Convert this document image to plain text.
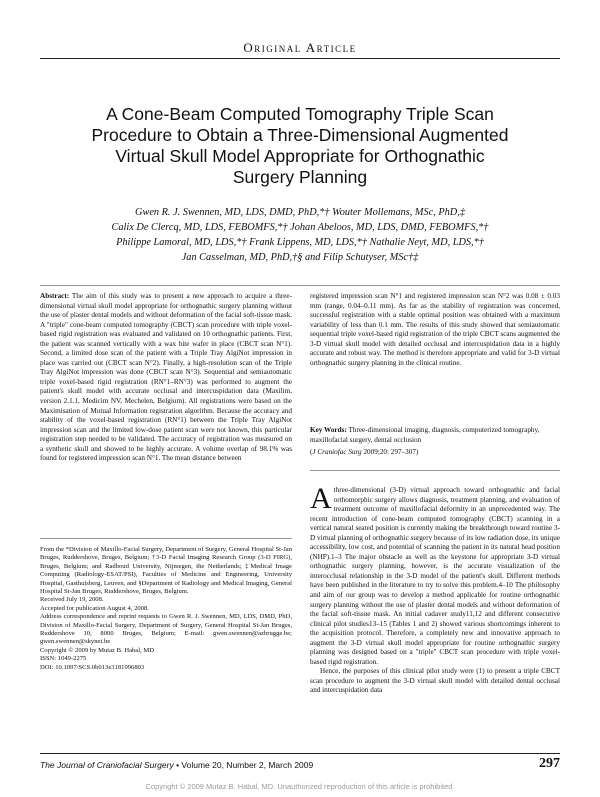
Original Article
A Cone-Beam Computed Tomography Triple Scan
Procedure to Obtain a Three-Dimensional Augmented
Virtual Skull Model Appropriate for Orthognathic
Surgery Planning
Gwen R. J. Swennen, MD, LDS, DMD, PhD,*† Wouter Mollemans, MSc, PhD,‡
Calix De Clercq, MD, LDS, FEBOMFS,*† Johan Abeloos, MD, LDS, DMD, FEBOMFS,*†
Philippe Lamoral, MD, LDS,*† Frank Lippens, MD, LDS,*† Nathalie Neyt, MD, LDS,*†
Jan Casselman, MD, PhD,†§ and Filip Schutyser, MSc†‡
Abstract: The aim of this study was to present a new approach to acquire a three-dimensional virtual skull model appropriate for orthognathic surgery planning without the use of plaster dental models and without deformation of the facial soft-tissue mask. A "triple" cone-beam computed tomography (CBCT) scan procedure with triple voxel-based rigid registration was evaluated and validated on 10 orthognathic patients. First, the patient was scanned vertically with a wax bite wafer in place (CBCT scan N°1). Second, a limited dose scan of the patient with a Triple Tray AlgiNot impression in place was carried out (CBCT scan N°2). Finally, a high-resolution scan of the Triple Tray AlgiNot impression was done (CBCT scan N°3). Sequential and semiautomatic triple voxel-based rigid registration (RN°1–RN°3) was performed to augment the patient's skull model with accurate occlusal and intercuspidation data (Maxilim, version 2.1.1, Medicim NV, Mechelen, Belgium). All registrations were based on the Maximisation of Mutual Information registration algorithm. Because the accuracy and stability of the voxel-based registration (RN°1) between the Triple Tray AlgiNot impression scan and the limited low-dose patient scan were not known, this particular registration step needed to be validated. The accuracy of registration was measured on a synthetic skull and showed to be highly accurate. A volume overlap of 98.1% was found for registered impression scan N°1. The mean distance between
registered impression scan N°1 and registered impression scan N°2 was 0.08 ± 0.03 mm (range, 0.04–0.11 mm). As far as the stability of registration was concerned, successful registration with a stable optimal position was obtained with a maximum variability of less than 0.1 mm. The results of this study showed that semiautomatic sequential triple voxel-based rigid registration of the triple CBCT scans augmented the 3-D virtual skull model with detailed occlusal and intercuspidation data in a highly accurate and robust way. The method is therefore appropriate and valid for 3-D virtual orthognathic surgery planning in the clinical routine.
Key Words: Three-dimensional imaging, diagnosis, computerized tomography, maxillofacial surgery, dental occlusion
(J Craniofac Surg 2009;20: 297–307)
A three-dimensional (3-D) virtual approach toward orthognathic and facial orthomorphic surgery allows diagnosis, treatment planning, and evaluation of treatment outcome of maxillofacial deformity in an unprecedented way. The recent introduction of cone-beam computed tomography (CBCT) scanning in a vertical natural seated position is currently making the breakthrough toward routine 3-D virtual planning of orthognathic surgery because of its low radiation dose, its unique accessibility, low cost, and potential of scanning the patient in its natural head position (NHP).1–3 The major obstacle as well as the keystone for appropriate 3-D virtual orthognathic surgery planning, however, is the accurate visualization of the interocclusal relationship in the 3-D model of the patient's skull. Different methods have been published in the literature to try to solve this problem.4–10 The philosophy and aim of our group was to develop a method applicable for routine orthognathic surgery planning without the use of plaster dental models and without deformation of the facial soft-tissue mask. An initial cadaver study11,12 and different consecutive clinical pilot studies13–15 (Tables 1 and 2) showed various shortcomings inherent to the acquisition protocol. Therefore, a completely new and innovative approach to augment the 3-D virtual skull model appropriate for routine orthognathic surgery planning was designed based on a "triple" CBCT scan procedure with triple voxel-based rigid registration.
Hence, the purposes of this clinical pilot study were (1) to present a triple CBCT scan procedure to augment the 3-D virtual skull model with detailed dental occlusal and intercuspidation data

From the *Division of Maxillo-Facial Surgery, Department of Surgery, General Hospital St-Jan Bruges, Ruddershove, Bruges, Belgium; †3-D Facial Imaging Research Group (3-D FIRG), Bruges, Belgium; and Radboud University, Nijmegen, the Netherlands; ‡Medical Image Computing (Radiology-ESAT/PSI), Faculties of Medicine and Engineering, University Hospital, Gasthuisberg, Leuven, and §Department of Radiology and Medical Imaging, General Hospital St-Jan Bruges, Ruddershove, Bruges, Belgium.

Received July 19, 2008.

Accepted for publication August 4, 2008.

Address correspondence and reprint requests to Gwen R. J. Swennen, MD, LDS, DMD, PhD, Division of Maxillo-Facial Surgery, Department of Surgery, General Hospital St-Jan Bruges, Ruddershove 10, 8000 Bruges, Belgium; E-mail: gwen.swennen@azbrugge.be; gwen.swennen@skynet.be

Copyright © 2009 by Mutaz B. Habal, MD

ISSN: 1049-2275

DOI: 10.1097/SCS.0b013e3181996803

The Journal of Craniofacial Surgery • Volume 20, Number 2, March 2009	297
Copyright © 2009 Mutaz B. Habal, MD. Unauthorized reproduction of this article is prohibited.
